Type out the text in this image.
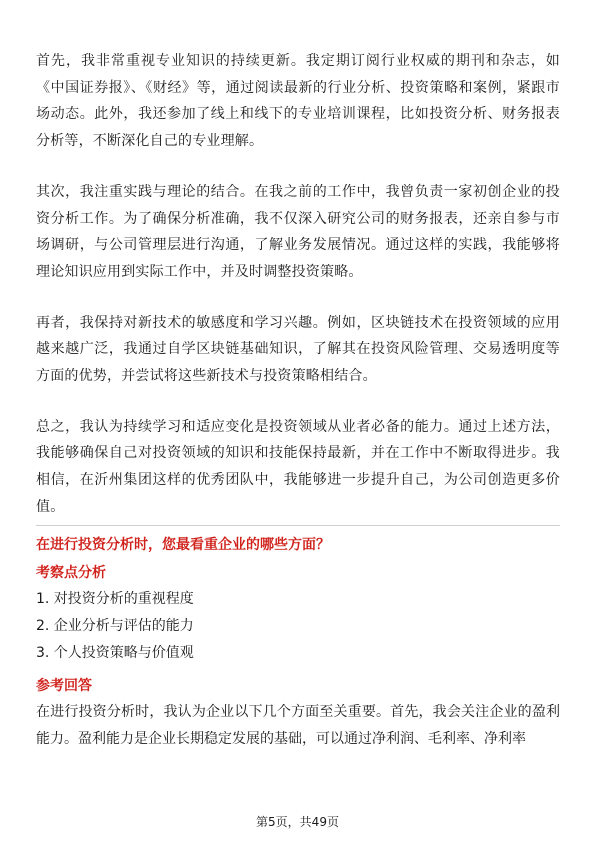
首先，我非常重视专业知识的持续更新。我定期订阅行业权威的期刊和杂志，如《中国证券报》、《财经》等，通过阅读最新的行业分析、投资策略和案例，紧跟市场动态。此外，我还参加了线上和线下的专业培训课程，比如投资分析、财务报表分析等，不断深化自己的专业理解。

其次，我注重实践与理论的结合。在我之前的工作中，我曾负责一家初创企业的投资分析工作。为了确保分析准确，我不仅深入研究公司的财务报表，还亲自参与市场调研，与公司管理层进行沟通，了解业务发展情况。通过这样的实践，我能够将理论知识应用到实际工作中，并及时调整投资策略。

再者，我保持对新技术的敏感度和学习兴趣。例如，区块链技术在投资领域的应用越来越广泛，我通过自学区块链基础知识，了解其在投资风险管理、交易透明度等方面的优势，并尝试将这些新技术与投资策略相结合。

总之，我认为持续学习和适应变化是投资领域从业者必备的能力。通过上述方法，我能够确保自己对投资领域的知识和技能保持最新，并在工作中不断取得进步。我相信，在沂州集团这样的优秀团队中，我能够进一步提升自己，为公司创造更多价值。

在进行投资分析时，您最看重企业的哪些方面？
考察点分析
1. 对投资分析的重视程度
2. 企业分析与评估的能力
3. 个人投资策略与价值观
参考回答

在进行投资分析时，我认为企业以下几个方面至关重要。首先，我会关注企业的盈利能力。盈利能力是企业长期稳定发展的基础，可以通过净利润、毛利率、净利率

第5页，共49页
